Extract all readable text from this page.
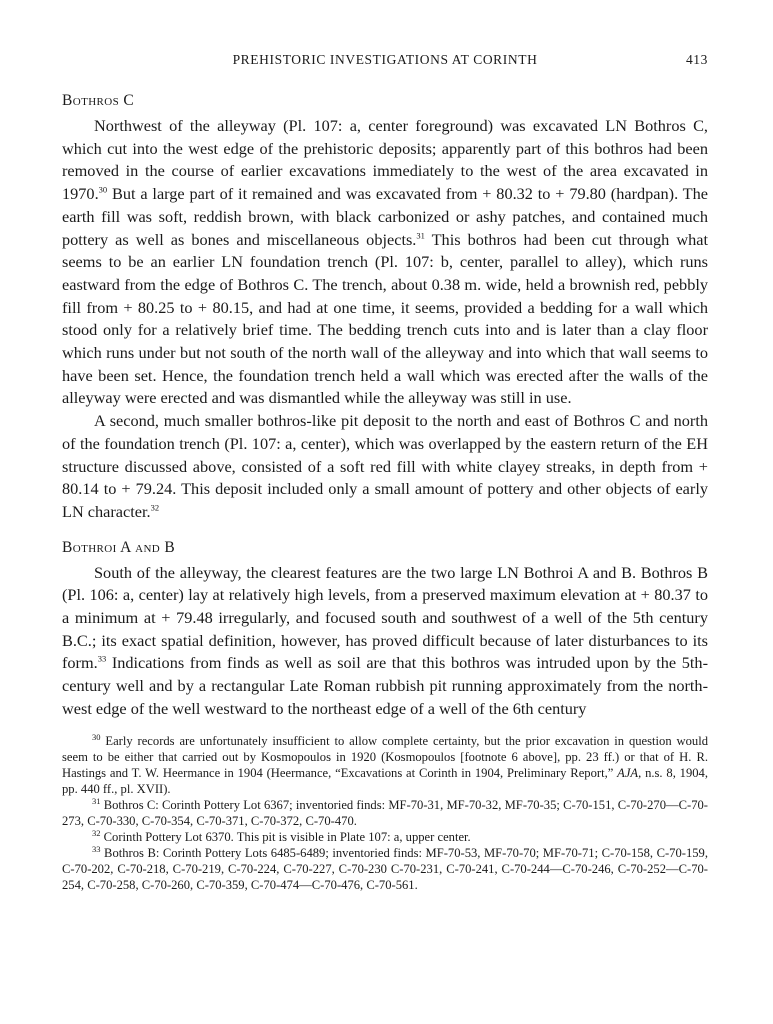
PREHISTORIC INVESTIGATIONS AT CORINTH	413
Bothros C

Northwest of the alleyway (Pl. 107: a, center foreground) was excavated LN Bothros C, which cut into the west edge of the prehistoric deposits; apparently part of this bothros had been removed in the course of earlier excavations immediately to the west of the area excavated in 1970.30 But a large part of it remained and was excavated from + 80.32 to + 79.80 (hardpan). The earth fill was soft, reddish brown, with black carbonized or ashy patches, and contained much pottery as well as bones and miscellaneous objects.$^{31}$ This bothros had been cut through what seems to be an earlier LN foundation trench (Pl. 107: b, center, parallel to alley), which runs eastward from the edge of Bothros C. The trench, about 0.38 m. wide, held a brownish red, pebbly fill from + 80.25 to + 80.15, and had at one time, it seems, provided a bedding for a wall which stood only for a relatively brief time. The bedding trench cuts into and is later than a clay floor which runs under but not south of the north wall of the alleyway and into which that wall seems to have been set. Hence, the foundation trench held a wall which was erected after the walls of the alleyway were erected and was dismantled while the alleyway was still in use.

A second, much smaller bothros-like pit deposit to the north and east of Bothros C and north of the foundation trench (Pl. 107: a, center), which was overlapped by the eastern return of the EH structure discussed above, consisted of a soft red fill with white clayey streaks, in depth from + 80.14 to + 79.24. This deposit included only a small amount of pottery and other objects of early LN character.$^{32}$

Bothroi A and B

South of the alleyway, the clearest features are the two large LN Bothroi A and B. Bothros B (Pl. 106: a, center) lay at relatively high levels, from a preserved maximum elevation at + 80.37 to a minimum at + 79.48 irregularly, and focused south and southwest of a well of the 5th century B.C.; its exact spatial definition, however, has proved difficult because of later disturbances to its form.$^{33}$ Indications from finds as well as soil are that this bothros was intruded upon by the 5th-century well and by a rectangular Late Roman rubbish pit running approximately from the northwest edge of the well westward to the northeast edge of a well of the 6th century

$^{30}$ Early records are unfortunately insufficient to allow complete certainty, but the prior excavation in question would seem to be either that carried out by Kosmopoulos in 1920 (Kosmopoulos [footnote 6 above], pp. 23 ff.) or that of H. R. Hastings and T. W. Heermance in 1904 (Heermance, “Excavations at Corinth in 1904, Preliminary Report,” AJA, n.s. 8, 1904, pp. 440 ff., pl. XVII).

$^{31}$ Bothros C: Corinth Pottery Lot 6367; inventoried finds: MF-70-31, MF-70-32, MF-70-35; C-70-151, C-70-270—C-70-273, C-70-330, C-70-354, C-70-371, C-70-372, C-70-470.

$^{32}$ Corinth Pottery Lot 6370. This pit is visible in Plate 107: a, upper center.

$^{33}$ Bothros B: Corinth Pottery Lots 6485-6489; inventoried finds: MF-70-53, MF-70-70; MF-70-71; C-70-158, C-70-159, C-70-202, C-70-218, C-70-219, C-70-224, C-70-227, C-70-230 C-70-231, C-70-241, C-70-244—C-70-246, C-70-252—C-70-254, C-70-258, C-70-260, C-70-359, C-70-474—C-70-476, C-70-561.
